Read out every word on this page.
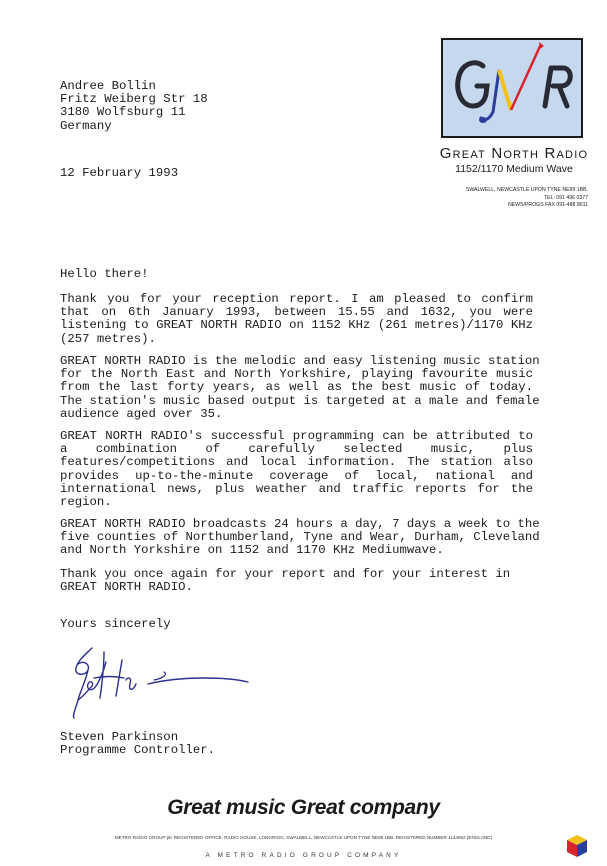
Great North Radio
1152/1170 Medium Wave
SWALWELL, NEWCASTLE UPON TYNE NE99 1BB.
TEL: 091 496 0377
NEWS/PROGS FAX 091-488 8611
Andree Bollin
Fritz Weiberg Str 18
3180 Wolfsburg 11
Germany
12 February 1993
Hello there!
Thank you for your reception report. I am pleased to confirm
that on 6th January 1993, between 15.55 and 1632, you were
listening to GREAT NORTH RADIO on 1152 KHz (261 metres)/1170 KHz
(257 metres).
GREAT NORTH RADIO is the melodic and easy listening music station
for the North East and North Yorkshire, playing favourite music
from the last forty years, as well as the best music of today.
The station's music based output is targeted at a male and female
audience aged over 35.
GREAT NORTH RADIO's successful programming can be attributed to
a combination of carefully selected music, plus
features/competitions and local information. The station also
provides up-to-the-minute coverage of local, national and
international news, plus weather and traffic reports for the
region.
GREAT NORTH RADIO broadcasts 24 hours a day, 7 days a week to the
five counties of Northumberland, Tyne and Wear, Durham, Cleveland
and North Yorkshire on 1152 and 1170 KHz Mediumwave.
Thank you once again for your report and for your interest in
GREAT NORTH RADIO.
Yours sincerely
Steven Parkinson
Programme Controller.
Great music Great company
METRO RADIO GROUP plc REGISTERED OFFICE: RADIO HOUSE, LONGRIGG, SWALWELL, NEWCASTLE UPON TYNE NE99 1BB. REGISTERED NUMBER 1144062 (ENGLAND)
A METRO RADIO GROUP COMPANY
